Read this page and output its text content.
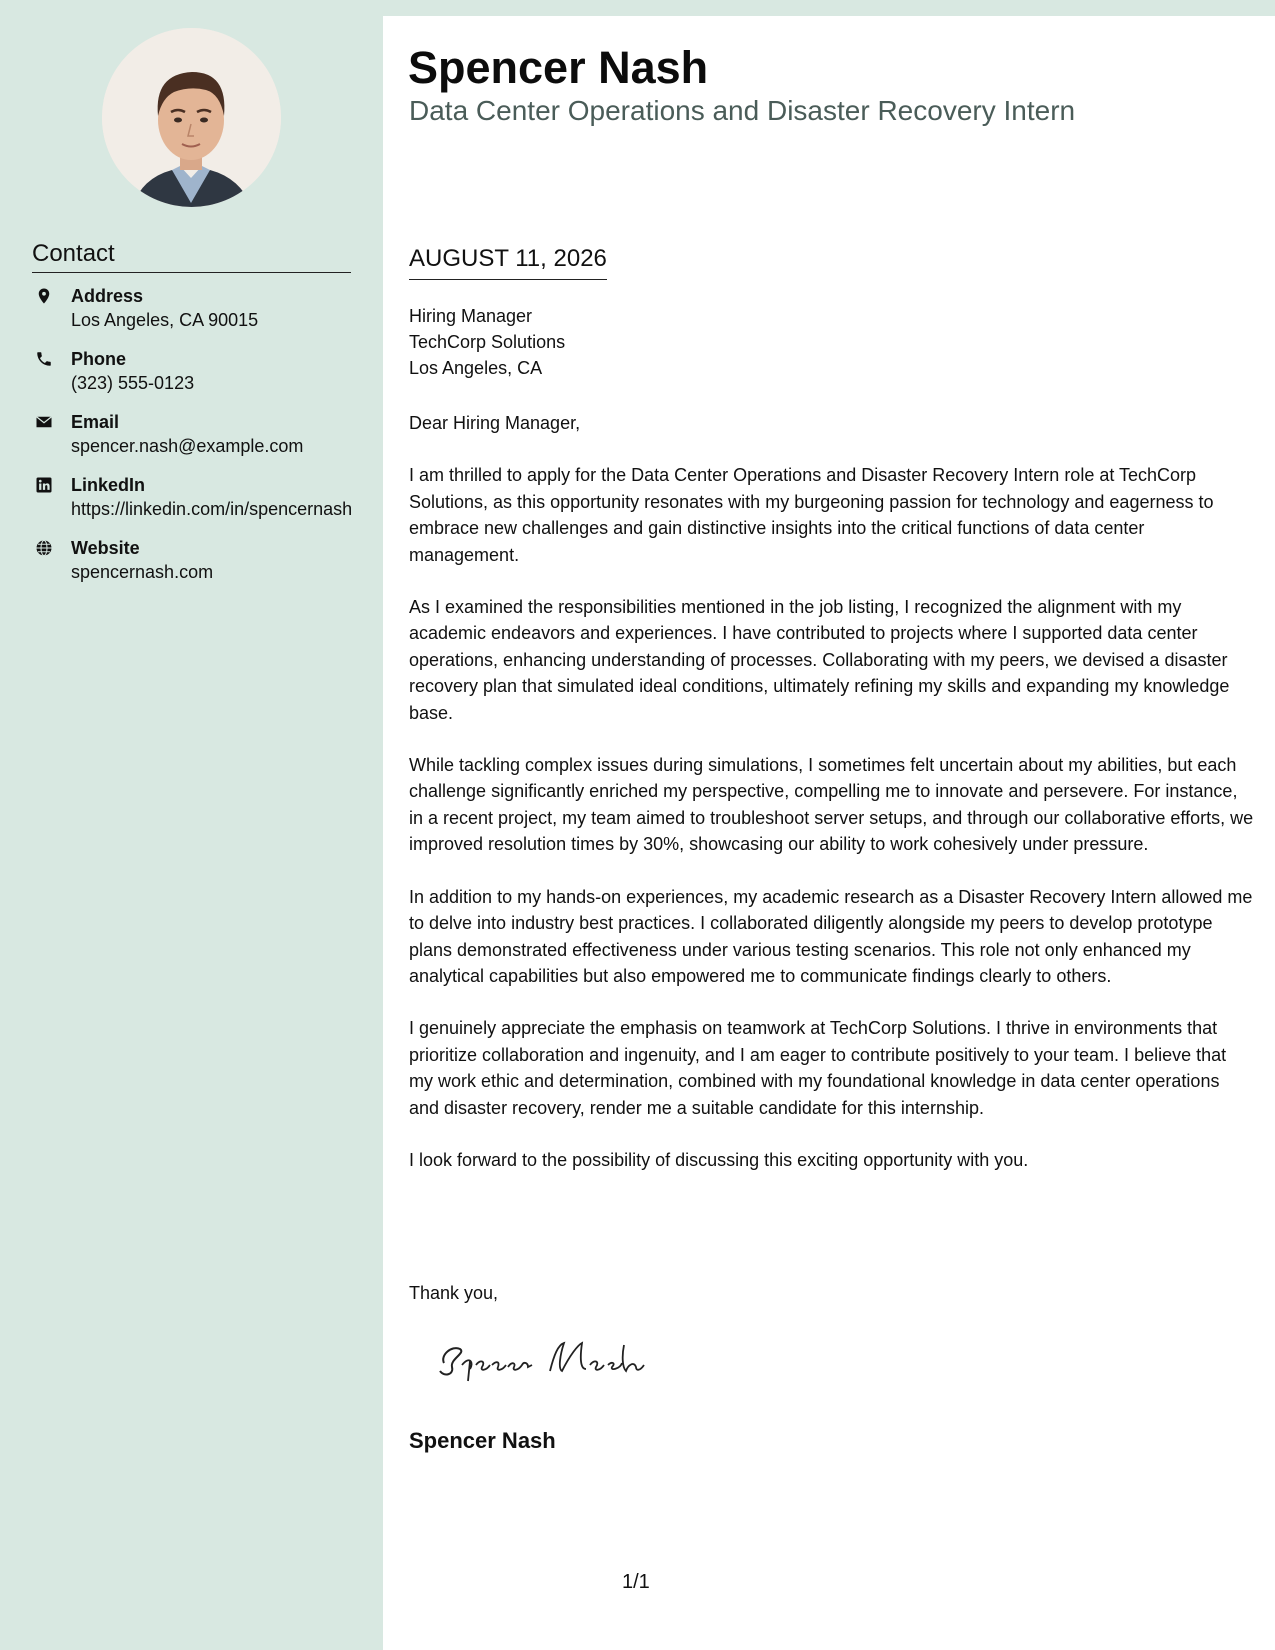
Contact
Address
Los Angeles, CA 90015
Phone
(323) 555-0123
Email
spencer.nash@example.com
LinkedIn
https://linkedin.com/in/spencernash
Website
spencernash.com
Spencer Nash
Data Center Operations and Disaster Recovery Intern
AUGUST 11, 2026
Hiring Manager
TechCorp Solutions
Los Angeles, CA

Dear Hiring Manager,

I am thrilled to apply for the Data Center Operations and Disaster Recovery Intern role at TechCorp Solutions, as this opportunity resonates with my burgeoning passion for technology and eagerness to embrace new challenges and gain distinctive insights into the critical functions of data center management.

As I examined the responsibilities mentioned in the job listing, I recognized the alignment with my academic endeavors and experiences. I have contributed to projects where I supported data center operations, enhancing understanding of processes. Collaborating with my peers, we devised a disaster recovery plan that simulated ideal conditions, ultimately refining my skills and expanding my knowledge base.

While tackling complex issues during simulations, I sometimes felt uncertain about my abilities, but each challenge significantly enriched my perspective, compelling me to innovate and persevere. For instance, in a recent project, my team aimed to troubleshoot server setups, and through our collaborative efforts, we improved resolution times by 30%, showcasing our ability to work cohesively under pressure.

In addition to my hands-on experiences, my academic research as a Disaster Recovery Intern allowed me to delve into industry best practices. I collaborated diligently alongside my peers to develop prototype plans demonstrated effectiveness under various testing scenarios. This role not only enhanced my analytical capabilities but also empowered me to communicate findings clearly to others.

I genuinely appreciate the emphasis on teamwork at TechCorp Solutions. I thrive in environments that prioritize collaboration and ingenuity, and I am eager to contribute positively to your team. I believe that my work ethic and determination, combined with my foundational knowledge in data center operations and disaster recovery, render me a suitable candidate for this internship.

I look forward to the possibility of discussing this exciting opportunity with you.

Thank you,
Spencer Nash
1/1
